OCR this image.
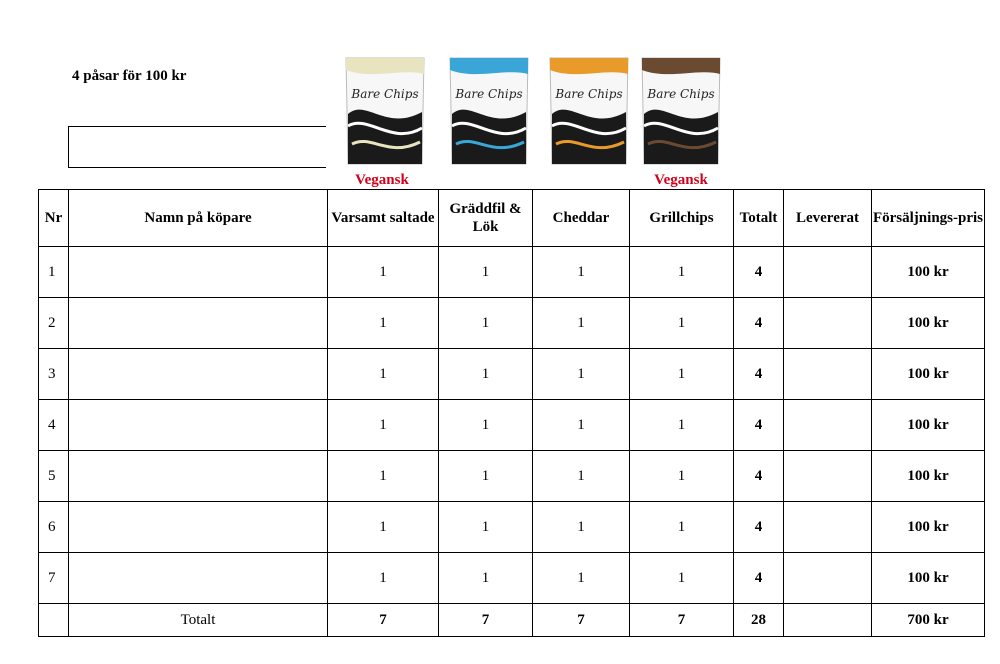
4 påsar för 100 kr
Bare Chips	Bare Chips	Bare Chips Bare Chips
Vegansk	Vegansk
Nr	Namn på köpare	Varsamt saltade	Gräddfil & Lök	Cheddar	Grillchips	Totalt	Levererat	Försäljnings-pris
1		1	1	1	1	4		100 kr
2		1	1	1	1	4		100 kr
3		1	1	1	1	4		100 kr
4		1	1	1	1	4		100 kr
5		1	1	1	1	4		100 kr
6		1	1	1	1	4		100 kr
7		1	1	1	1	4		100 kr
	Totalt	7	7	7	7	28		700 kr
